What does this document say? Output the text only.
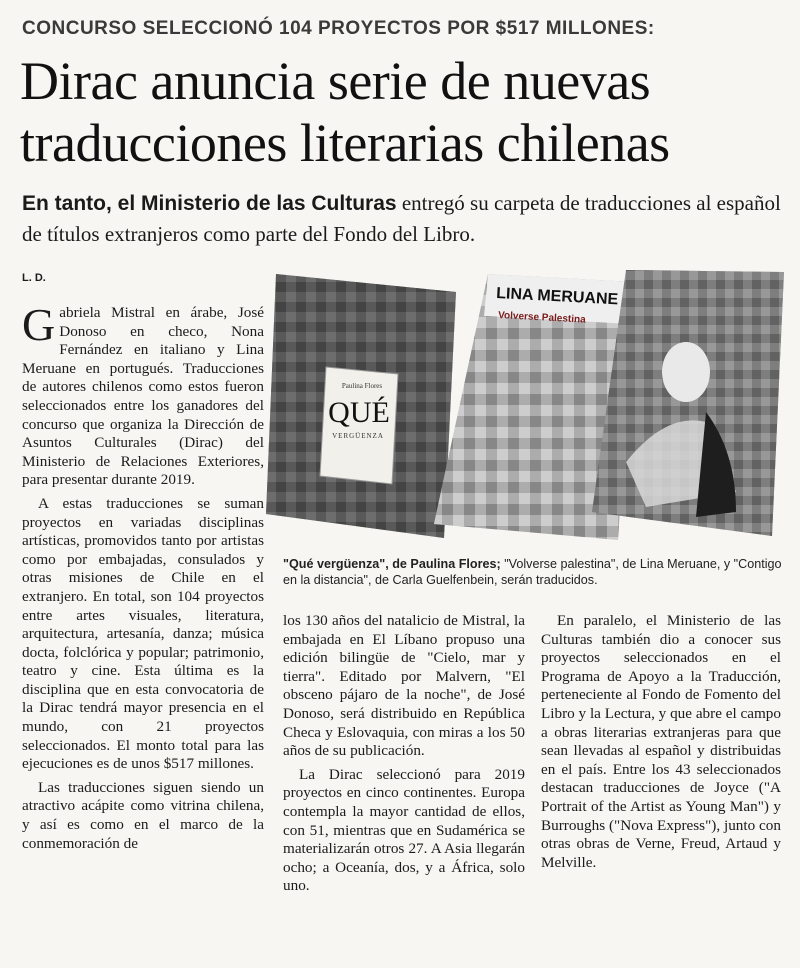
CONCURSO SELECCIONÓ 104 PROYECTOS POR $517 MILLONES:
Dirac anuncia serie de nuevas
traducciones literarias chilenas
En tanto, el Ministerio de las Culturas entregó su carpeta de traducciones al español de títulos extranjeros como parte del Fondo del Libro.
L. D.
Paulina Flores
QUÉ
VERGÜENZA
LINA MERUANE
Volverse Palestina
"Qué vergüenza", de Paulina Flores; "Volverse palestina", de Lina Meruane, y "Contigo en la distancia", de Carla Guelfenbein, serán traducidos.

Gabriela Mistral en árabe, José Donoso en checo, Nona Fernández en italiano y Lina Meruane en portugués. Traducciones de autores chilenos como estos fueron seleccionados entre los ganadores del concurso que organiza la Dirección de Asuntos Culturales (Dirac) del Ministerio de Relaciones Exteriores, para presentar durante 2019.

A estas traducciones se suman proyectos en variadas disciplinas artísticas, promovidos tanto por artistas como por embajadas, consulados y otras misiones de Chile en el extranjero. En total, son 104 proyectos entre artes visuales, literatura, arquitectura, artesanía, danza; música docta, folclórica y popular; patrimonio, teatro y cine. Esta última es la disciplina que en esta convocatoria de la Dirac tendrá mayor presencia en el mundo, con 21 proyectos seleccionados. El monto total para las ejecuciones es de unos $517 millones.

Las traducciones siguen siendo un atractivo acápite como vitrina chilena, y así es como en el marco de la conmemoración de

los 130 años del natalicio de Mistral, la embajada en El Líbano propuso una edición bilingüe de "Cielo, mar y tierra". Editado por Malvern, "El obsceno pájaro de la noche", de José Donoso, será distribuido en República Checa y Eslovaquia, con miras a los 50 años de su publicación.

La Dirac seleccionó para 2019 proyectos en cinco continentes. Europa contempla la mayor cantidad de ellos, con 51, mientras que en Sudamérica se materializarán otros 27. A Asia llegarán ocho; a Oceanía, dos, y a África, solo uno.

En paralelo, el Ministerio de las Culturas también dio a conocer sus proyectos seleccionados en el Programa de Apoyo a la Traducción, perteneciente al Fondo de Fomento del Libro y la Lectura, y que abre el campo a obras literarias extranjeras para que sean llevadas al español y distribuidas en el país. Entre los 43 seleccionados destacan traducciones de Joyce ("A Portrait of the Artist as Young Man") y Burroughs ("Nova Express"), junto con otras obras de Verne, Freud, Artaud y Melville.
